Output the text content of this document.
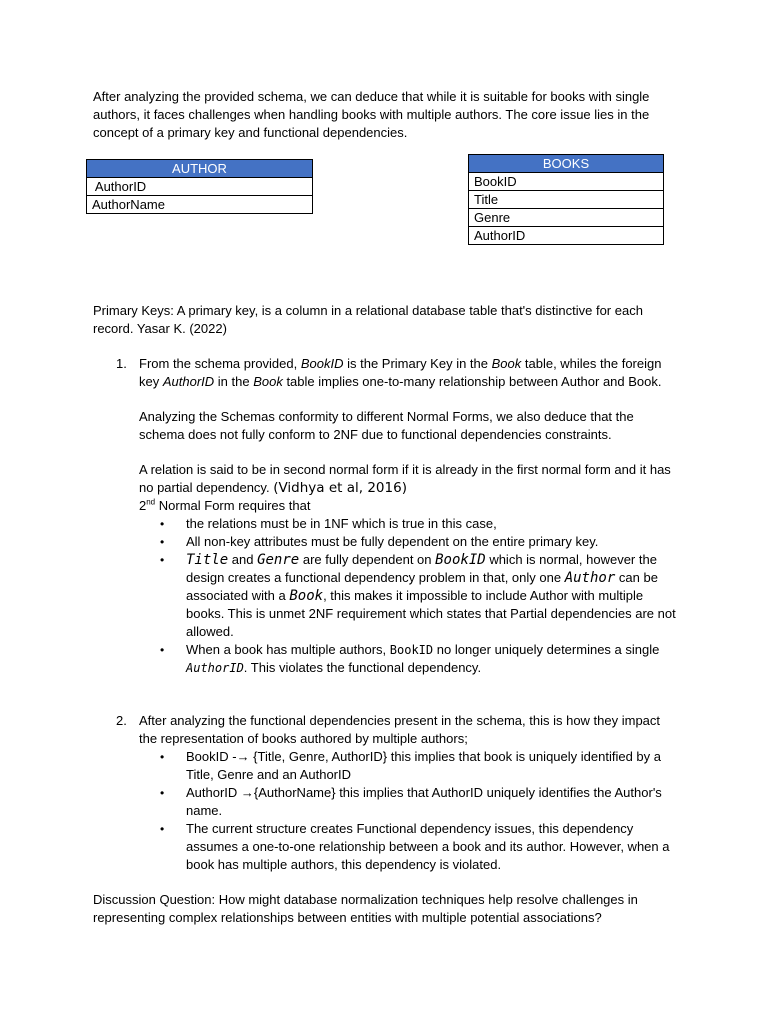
After analyzing the provided schema, we can deduce that while it is suitable for books with single authors, it faces challenges when handling books with multiple authors. The core issue lies in the concept of a primary key and functional dependencies.
AUTHOR
AuthorID
AuthorName
BOOKS
BookID
Title
Genre
AuthorID
Primary Keys: A primary key, is a column in a relational database table that's distinctive for each record. Yasar K. (2022)
1. From the schema provided, BookID is the Primary Key in the Book table, whiles the foreign key AuthorID in the Book table implies one-to-many relationship between Author and Book.
Analyzing the Schemas conformity to different Normal Forms, we also deduce that the schema does not fully conform to 2NF due to functional dependencies constraints.
A relation is said to be in second normal form if it is already in the first normal form and it has no partial dependency. (Vidhya et al, 2016)
2nd Normal Form requires that
• the relations must be in 1NF which is true in this case,
• All non-key attributes must be fully dependent on the entire primary key.
• Title and Genre are fully dependent on BookID which is normal, however the design creates a functional dependency problem in that, only one Author can be associated with a Book, this makes it impossible to include Author with multiple books. This is unmet 2NF requirement which states that Partial dependencies are not allowed.
• When a book has multiple authors, BookID no longer uniquely determines a single AuthorID. This violates the functional dependency.
2. After analyzing the functional dependencies present in the schema, this is how they impact the representation of books authored by multiple authors;
• BookID -→ {Title, Genre, AuthorID} this implies that book is uniquely identified by a Title, Genre and an AuthorID
• AuthorID →{AuthorName} this implies that AuthorID uniquely identifies the Author's name.
• The current structure creates Functional dependency issues, this dependency assumes a one-to-one relationship between a book and its author. However, when a book has multiple authors, this dependency is violated.
Discussion Question: How might database normalization techniques help resolve challenges in representing complex relationships between entities with multiple potential associations?
